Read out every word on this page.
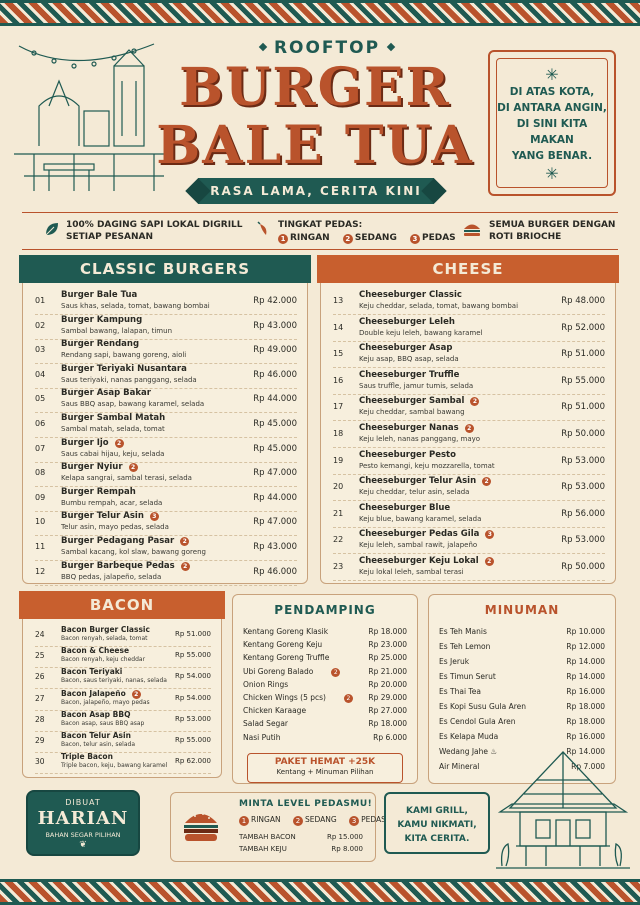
ROOFTOP
BURGER
BALE TUA
RASA LAMA, CERITA KINI
✳
DI ATAS KOTA,
DI ANTARA ANGIN,
DI SINI KITA MAKAN
YANG BENAR.
✳
100% DAGING SAPI LOKAL DIGRILL SETIAP PESANAN
TINGKAT PEDAS:
1 RINGAN 2 SEDANG 3 PEDAS
SEMUA BURGER DENGAN ROTI BRIOCHE
CLASSIC BURGERS
01
Burger Bale Tua
Saus khas, selada, tomat, bawang bombai	Rp 42.000
02
Burger Kampung
Sambal bawang, lalapan, timun	Rp 43.000
03
Burger Rendang
Rendang sapi, bawang goreng, aioli	Rp 49.000
04
Burger Teriyaki Nusantara
Saus teriyaki, nanas panggang, selada	Rp 46.000
05
Burger Asap Bakar
Saus BBQ asap, bawang karamel, selada	Rp 44.000
06
Burger Sambal Matah
Sambal matah, selada, tomat	Rp 45.000
07
Burger Ijo 2
Saus cabai hijau, keju, selada	Rp 45.000
08
Burger Nyiur 2
Kelapa sangrai, sambal terasi, selada	Rp 47.000
09
Burger Rempah
Bumbu rempah, acar, selada	Rp 44.000
10
Burger Telur Asin 3
Telur asin, mayo pedas, selada	Rp 47.000
11
Burger Pedagang Pasar 2
Sambal kacang, kol slaw, bawang goreng	Rp 43.000
12
Burger Barbeque Pedas 2
BBQ pedas, jalapeño, selada	Rp 46.000
CHEESE
13
Cheeseburger Classic
Keju cheddar, selada, tomat, bawang bombai	Rp 48.000
14
Cheeseburger Leleh
Double keju leleh, bawang karamel	Rp 52.000
15
Cheeseburger Asap
Keju asap, BBQ asap, selada	Rp 51.000
16
Cheeseburger Truffle
Saus truffle, jamur tumis, selada	Rp 55.000
17
Cheeseburger Sambal 2
Keju cheddar, sambal bawang	Rp 51.000
18
Cheeseburger Nanas 2
Keju leleh, nanas panggang, mayo	Rp 50.000
19
Cheeseburger Pesto
Pesto kemangi, keju mozzarella, tomat	Rp 53.000
20
Cheeseburger Telur Asin 2
Keju cheddar, telur asin, selada	Rp 53.000
21
Cheeseburger Blue
Keju blue, bawang karamel, selada	Rp 56.000
22
Cheeseburger Pedas Gila 3
Keju leleh, sambal rawit, jalapeño	Rp 53.000
23
Cheeseburger Keju Lokal 2
Keju lokal leleh, sambal terasi	Rp 50.000
BACON
24
Bacon Burger Classic
Bacon renyah, selada, tomat
Rp 51.000
25
Bacon & Cheese
Bacon renyah, keju cheddar
Rp 55.000
26
Bacon Teriyaki
Bacon, saus teriyaki, nanas, selada
Rp 54.000
27
Bacon Jalapeño 2
Bacon, jalapeño, mayo pedas
Rp 54.000
28
Bacon Asap BBQ
Bacon asap, saus BBQ asap
Rp 53.000
29
Bacon Telur Asin
Bacon, telur asin, selada
Rp 55.000
30
Triple Bacon
Triple bacon, keju, bawang karamel
Rp 62.000
PENDAMPING
Kentang Goreng Klasik	Rp 18.000
Kentang Goreng Keju	Rp 23.000
Kentang Goreng Truffle	Rp 25.000
Ubi Goreng Balado	2	Rp 21.000
Onion Rings	Rp 20.000
Chicken Wings (5 pcs)	2	Rp 29.000
Chicken Karaage	Rp 27.000
Salad Segar	Rp 18.000
Nasi Putih	Rp 6.000
PAKET HEMAT +25K
Kentang + Minuman Pilihan
MINUMAN
Es Teh Manis	Rp 10.000
Es Teh Lemon	Rp 12.000
Es Jeruk	Rp 14.000
Es Timun Serut	Rp 14.000
Es Thai Tea	Rp 16.000
Es Kopi Susu Gula Aren	Rp 18.000
Es Cendol Gula Aren	Rp 18.000
Es Kelapa Muda	Rp 16.000
Wedang Jahe ♨	Rp 14.000
Air Mineral	Rp 7.000
DIBUAT
HARIAN
BAHAN SEGAR PILIHAN
❦
MINTA LEVEL PEDASMU!
1 RINGAN 2 SEDANG 3 PEDAS
TAMBAH BACON	Rp 15.000
TAMBAH KEJU	Rp 8.000
KAMI GRILL,
KAMU NIKMATI,
KITA CERITA.
